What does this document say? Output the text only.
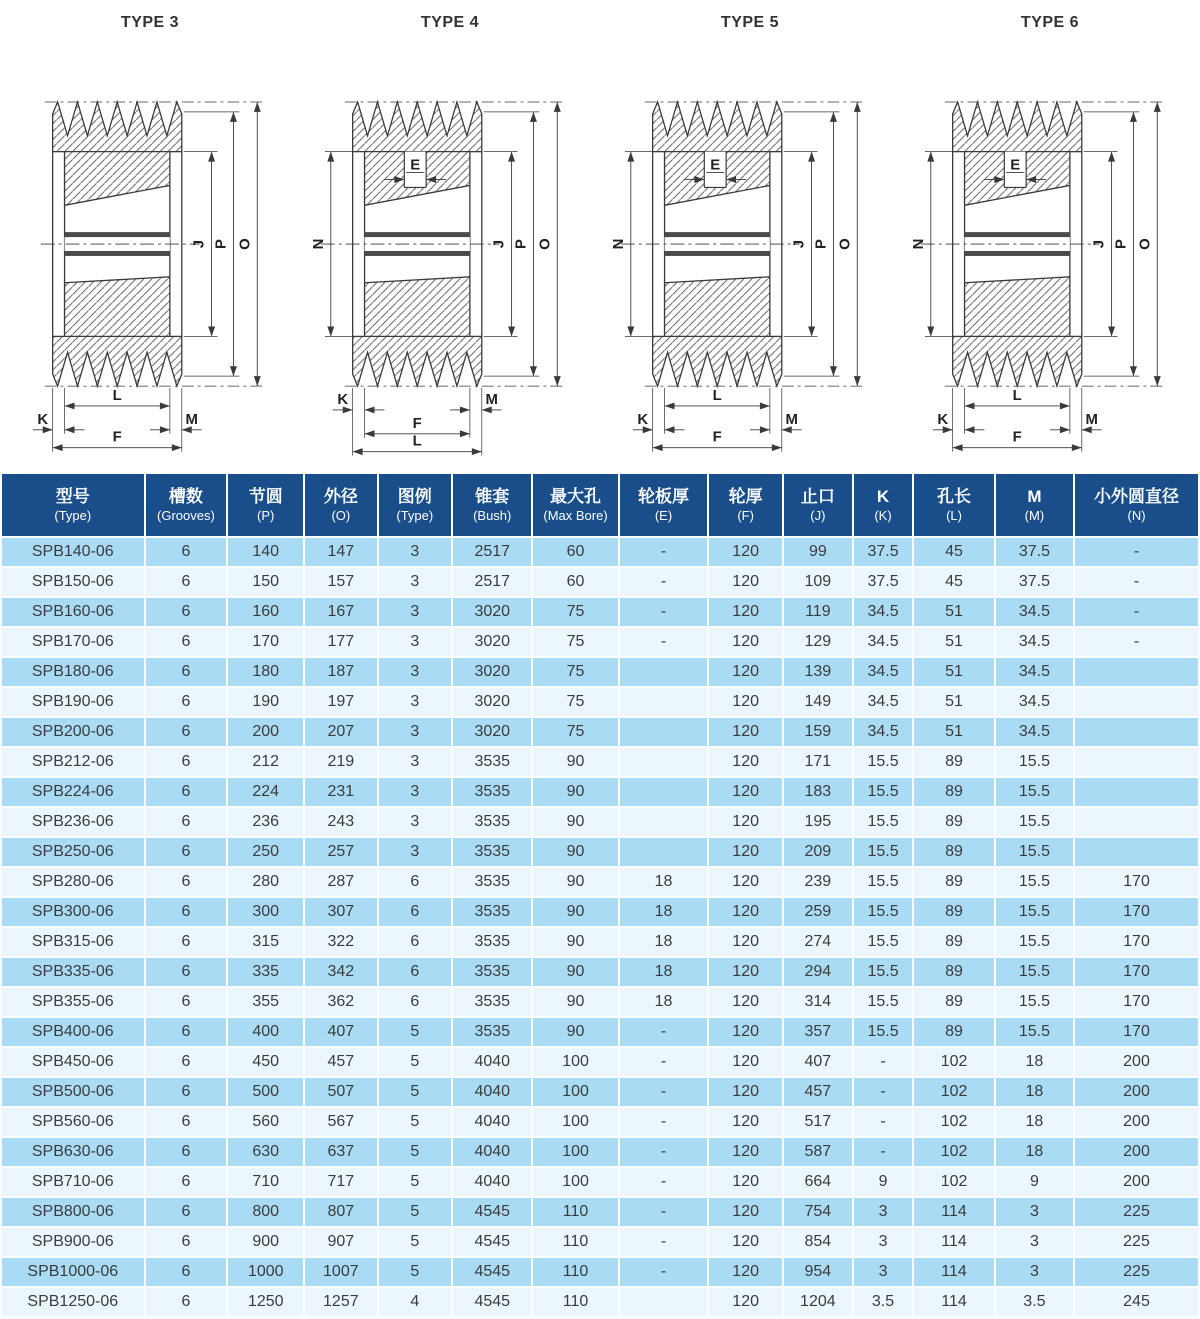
TYPE 3
J P O
L
K	M
F
TYPE 4
E
N	J P O
K	M
F
L
TYPE 5
E
N	J P O
L
K	M
F
TYPE 6
E
N	J P O
L
K	M
F
型号
(Type)

槽数
(Grooves)

节圆
(P)

外径
(O)

图例
(Type)

锥套
(Bush)

最大孔
(Max Bore)

轮板厚
(E)

轮厚
(F)

止口
(J)

K
(K)

孔长
(L)

M
(M)

小外圆直径
(N)

SPB140-06	6	140	147	3	2517	60	-	120	99	37.5	45	37.5	-
SPB150-06	6	150	157	3	2517	60	-	120	109	37.5	45	37.5	-
SPB160-06	6	160	167	3	3020	75	-	120	119	34.5	51	34.5	-
SPB170-06	6	170	177	3	3020	75	-	120	129	34.5	51	34.5	-
SPB180-06	6	180	187	3	3020	75		120	139	34.5	51	34.5	
SPB190-06	6	190	197	3	3020	75		120	149	34.5	51	34.5	
SPB200-06	6	200	207	3	3020	75		120	159	34.5	51	34.5	
SPB212-06	6	212	219	3	3535	90		120	171	15.5	89	15.5	
SPB224-06	6	224	231	3	3535	90		120	183	15.5	89	15.5	
SPB236-06	6	236	243	3	3535	90		120	195	15.5	89	15.5	
SPB250-06	6	250	257	3	3535	90		120	209	15.5	89	15.5	
SPB280-06	6	280	287	6	3535	90	18	120	239	15.5	89	15.5	170
SPB300-06	6	300	307	6	3535	90	18	120	259	15.5	89	15.5	170
SPB315-06	6	315	322	6	3535	90	18	120	274	15.5	89	15.5	170
SPB335-06	6	335	342	6	3535	90	18	120	294	15.5	89	15.5	170
SPB355-06	6	355	362	6	3535	90	18	120	314	15.5	89	15.5	170
SPB400-06	6	400	407	5	3535	90	-	120	357	15.5	89	15.5	170
SPB450-06	6	450	457	5	4040	100	-	120	407	-	102	18	200
SPB500-06	6	500	507	5	4040	100	-	120	457	-	102	18	200
SPB560-06	6	560	567	5	4040	100	-	120	517	-	102	18	200
SPB630-06	6	630	637	5	4040	100	-	120	587	-	102	18	200
SPB710-06	6	710	717	5	4040	100	-	120	664	9	102	9	200
SPB800-06	6	800	807	5	4545	110	-	120	754	3	114	3	225
SPB900-06	6	900	907	5	4545	110	-	120	854	3	114	3	225
SPB1000-06	6	1000	1007	5	4545	110	-	120	954	3	114	3	225
SPB1250-06	6	1250	1257	4	4545	110		120	1204	3.5	114	3.5	245
